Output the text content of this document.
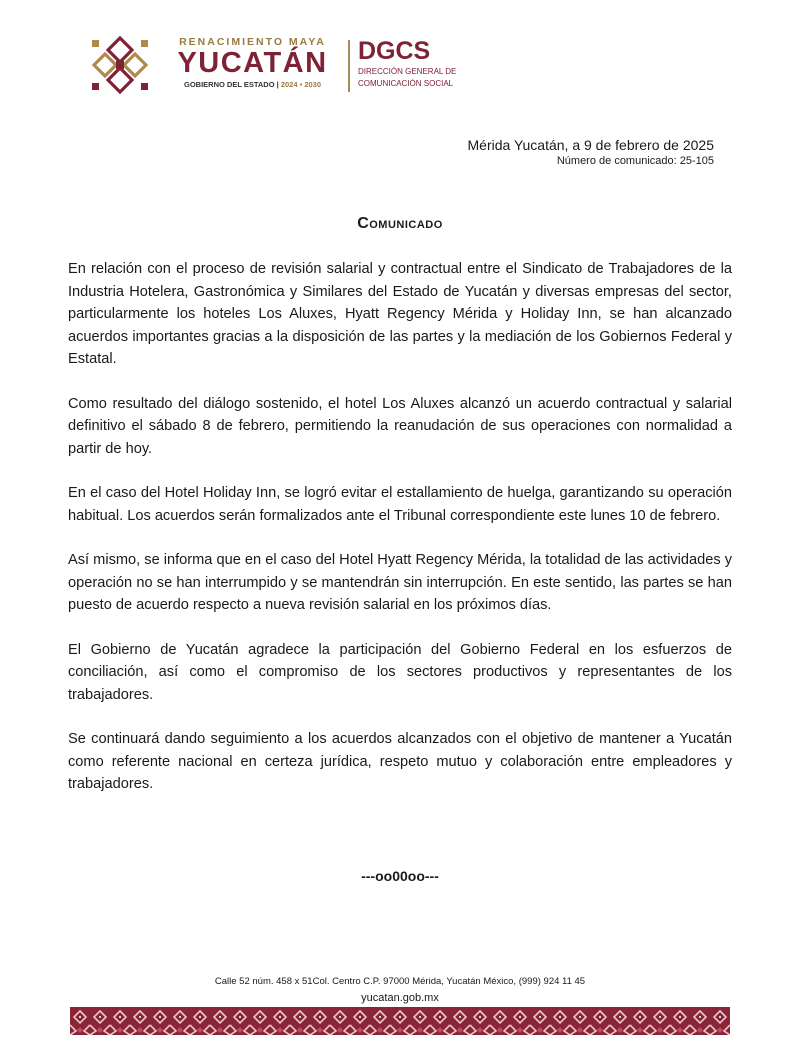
RENACIMIENTO MAYA
YUCATÁN
GOBIERNO DEL ESTADO | 2024 • 2030
DGCS
DIRECCIÓN GENERAL DE
COMUNICACIÓN SOCIAL
Mérida Yucatán, a 9 de febrero de 2025
Número de comunicado: 25-105
Comunicado

En relación con el proceso de revisión salarial y contractual entre el Sindicato de Trabajadores de la Industria Hotelera, Gastronómica y Similares del Estado de Yucatán y diversas empresas del sector, particularmente los hoteles Los Aluxes, Hyatt Regency Mérida y Holiday Inn, se han alcanzado acuerdos importantes gracias a la disposición de las partes y la mediación de los Gobiernos Federal y Estatal.

Como resultado del diálogo sostenido, el hotel Los Aluxes alcanzó un acuerdo contractual y salarial definitivo el sábado 8 de febrero, permitiendo la reanudación de sus operaciones con normalidad a partir de hoy.

En el caso del Hotel Holiday Inn, se logró evitar el estallamiento de huelga, garantizando su operación habitual. Los acuerdos serán formalizados ante el Tribunal correspondiente este lunes 10 de febrero.

Así mismo, se informa que en el caso del Hotel Hyatt Regency Mérida, la totalidad de las actividades y operación no se han interrumpido y se mantendrán sin interrupción. En este sentido, las partes se han puesto de acuerdo respecto a nueva revisión salarial en los próximos días.

El Gobierno de Yucatán agradece la participación del Gobierno Federal en los esfuerzos de conciliación, así como el compromiso de los sectores productivos y representantes de los trabajadores.

Se continuará dando seguimiento a los acuerdos alcanzados con el objetivo de mantener a Yucatán como referente nacional en certeza jurídica, respeto mutuo y colaboración entre empleadores y trabajadores.

---oo00oo---
Calle 52 núm. 458 x 51Col. Centro C.P. 97000 Mérida, Yucatán México, (999) 924 11 45
yucatan.gob.mx
